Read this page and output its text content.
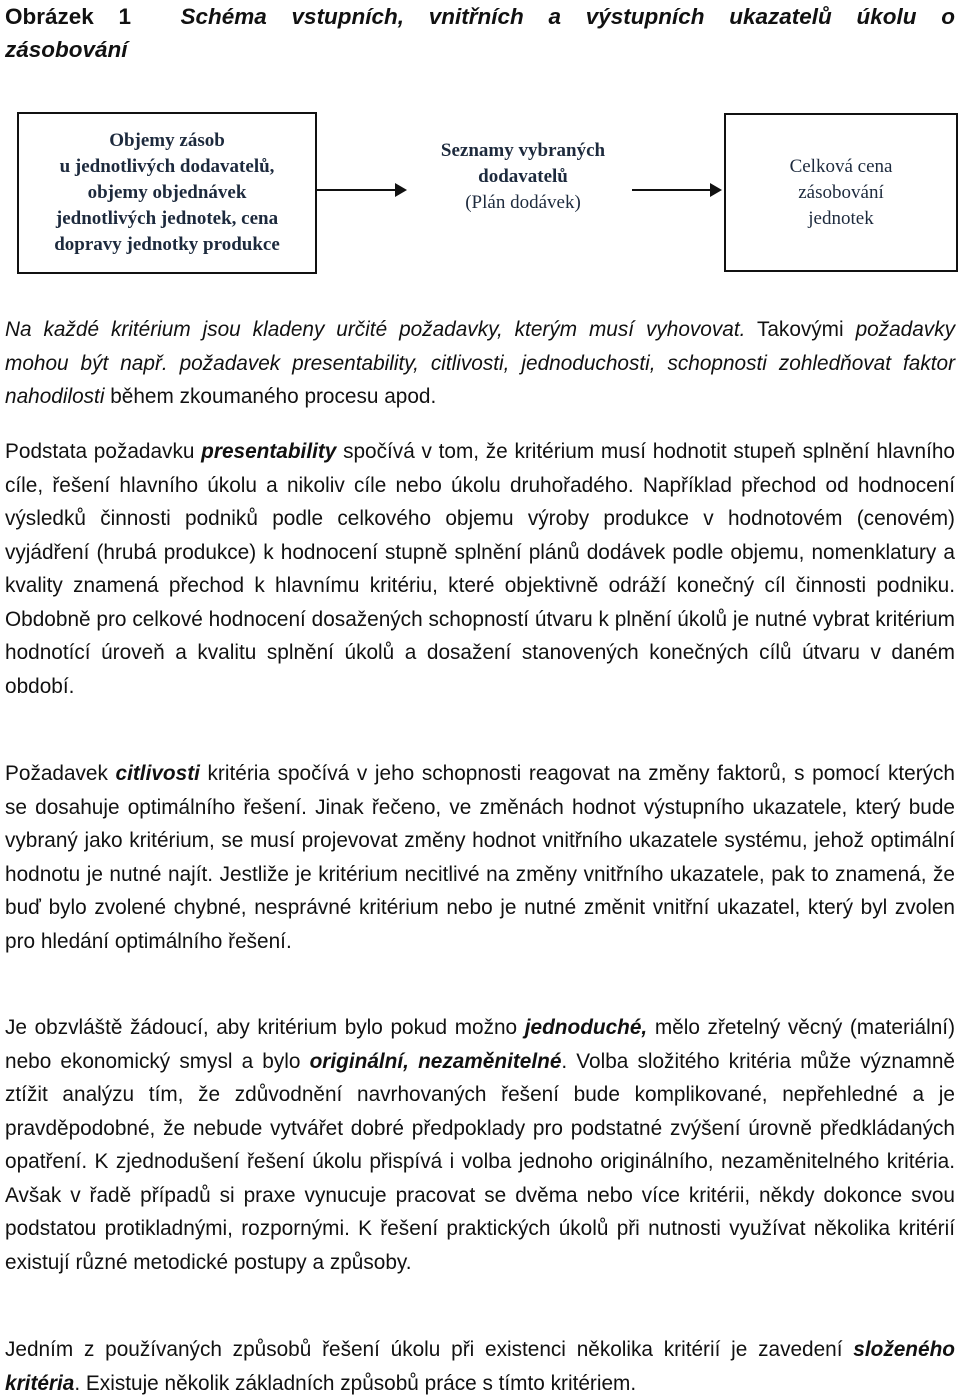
Obrázek 1 Schéma vstupních, vnitřních a výstupních ukazatelů úkolu o
zásobování
Objemy zásob
u jednotlivých dodavatelů,
objemy objednávek
jednotlivých jednotek, cena
dopravy jednotky produkce
Seznamy vybraných
dodavatelů
(Plán dodávek)
Celková cena
zásobování
jednotek
Na každé kritérium jsou kladeny určité požadavky, kterým musí vyhovovat. Takovými požadavky mohou být např. požadavek presentability, citlivosti, jednoduchosti, schopnosti zohledňovat faktor nahodilosti během zkoumaného procesu apod.
Podstata požadavku presentability spočívá v tom, že kritérium musí hodnotit stupeň splnění hlavního cíle, řešení hlavního úkolu a nikoliv cíle nebo úkolu druhořadého. Například přechod od hodnocení výsledků činnosti podniků podle celkového objemu výroby produkce v hodnotovém (cenovém) vyjádření (hrubá produkce) k hodnocení stupně splnění plánů dodávek podle objemu, nomenklatury a kvality znamená přechod k hlavnímu kritériu, které objektivně odráží konečný cíl činnosti podniku. Obdobně pro celkové hodnocení dosažených schopností útvaru k plnění úkolů je nutné vybrat kritérium hodnotící úroveň a kvalitu splnění úkolů a dosažení stanovených konečných cílů útvaru v daném období.
Požadavek citlivosti kritéria spočívá v jeho schopnosti reagovat na změny faktorů, s pomocí kterých se dosahuje optimálního řešení. Jinak řečeno, ve změnách hodnot výstupního ukazatele, který bude vybraný jako kritérium, se musí projevovat změny hodnot vnitřního ukazatele systému, jehož optimální hodnotu je nutné najít. Jestliže je kritérium necitlivé na změny vnitřního ukazatele, pak to znamená, že buď bylo zvolené chybné, nesprávné kritérium nebo je nutné změnit vnitřní ukazatel, který byl zvolen pro hledání optimálního řešení.
Je obzvláště žádoucí, aby kritérium bylo pokud možno jednoduché, mělo zřetelný věcný (materiální) nebo ekonomický smysl a bylo originální, nezaměnitelné. Volba složitého kritéria může významně ztížit analýzu tím, že zdůvodnění navrhovaných řešení bude komplikované, nepřehledné a je pravděpodobné, že nebude vytvářet dobré předpoklady pro podstatné zvýšení úrovně předkládaných opatření. K zjednodušení řešení úkolu přispívá i volba jednoho originálního, nezaměnitelného kritéria. Avšak v řadě případů si praxe vynucuje pracovat se dvěma nebo více kritérii, někdy dokonce svou podstatou protikladnými, rozpornými. K řešení praktických úkolů při nutnosti využívat několika kritérií existují různé metodické postupy a způsoby.
Jedním z používaných způsobů řešení úkolu při existenci několika kritérií je zavedení složeného kritéria. Existuje několik základních způsobů práce s tímto kritériem.
